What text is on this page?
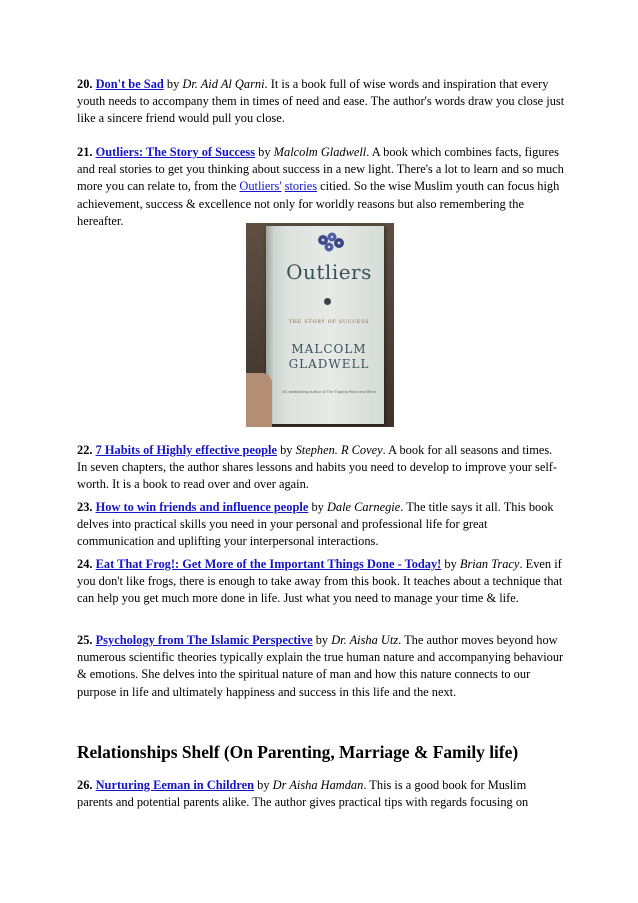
20. Don't be Sad by Dr. Aid Al Qarni. It is a book full of wise words and inspiration that every youth needs to accompany them in times of need and ease. The author's words draw you close just like a sincere friend would pull you close.

21. Outliers: The Story of Success by Malcolm Gladwell. A book which combines facts, figures and real stories to get you thinking about success in a new light. There's a lot to learn and so much more you can relate to, from the Outliers' stories citied. So the wise Muslim youth can focus high achievement, success & excellence not only for worldly reasons but also remembering the hereafter.

Outliers
THE STORY OF SUCCESS
MALCOLM
GLADWELL
#1 bestselling author of The Tipping Point and Blink

22. 7 Habits of Highly effective people by Stephen. R Covey. A book for all seasons and times. In seven chapters, the author shares lessons and habits you need to develop to improve your self-worth. It is a book to read over and over again.

23. How to win friends and influence people by Dale Carnegie. The title says it all. This book delves into practical skills you need in your personal and professional life for great communication and uplifting your interpersonal interactions.

24. Eat That Frog!: Get More of the Important Things Done - Today! by Brian Tracy. Even if you don't like frogs, there is enough to take away from this book. It teaches about a technique that can help you get much more done in life. Just what you need to manage your time & life.

25. Psychology from The Islamic Perspective by Dr. Aisha Utz. The author moves beyond how numerous scientific theories typically explain the true human nature and accompanying behaviour & emotions. She delves into the spiritual nature of man and how this nature connects to our purpose in life and ultimately happiness and success in this life and the next.

Relationships Shelf (On Parenting, Marriage & Family life)

26. Nurturing Eeman in Children by Dr Aisha Hamdan. This is a good book for Muslim parents and potential parents alike. The author gives practical tips with regards focusing on
